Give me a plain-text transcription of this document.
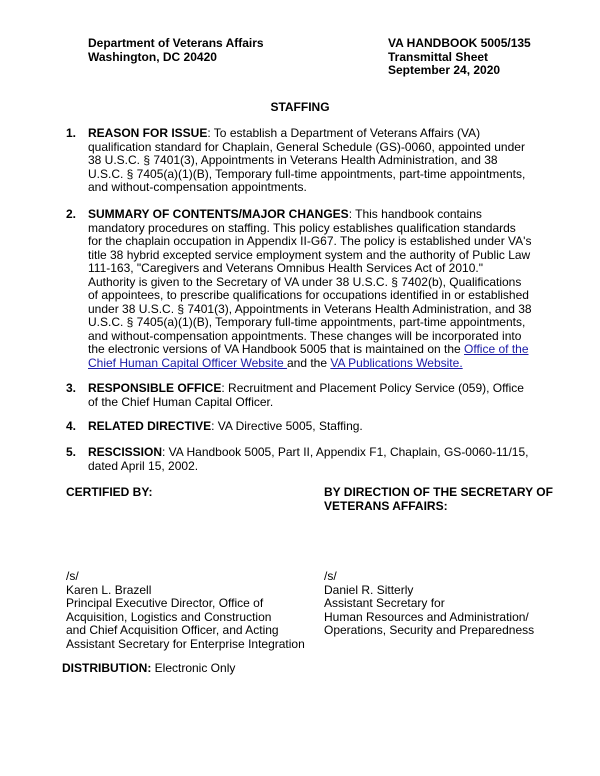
Department of Veterans Affairs
Washington, DC 20420
VA HANDBOOK 5005/135
Transmittal Sheet
September 24, 2020
STAFFING
1. REASON FOR ISSUE: To establish a Department of Veterans Affairs (VA) qualification standard for Chaplain, General Schedule (GS)-0060, appointed under 38 U.S.C. § 7401(3), Appointments in Veterans Health Administration, and 38 U.S.C. § 7405(a)(1)(B), Temporary full-time appointments, part-time appointments, and without-compensation appointments.
2. SUMMARY OF CONTENTS/MAJOR CHANGES: This handbook contains mandatory procedures on staffing. This policy establishes qualification standards for the chaplain occupation in Appendix II-G67. The policy is established under VA's title 38 hybrid excepted service employment system and the authority of Public Law 111-163, "Caregivers and Veterans Omnibus Health Services Act of 2010." Authority is given to the Secretary of VA under 38 U.S.C. § 7402(b), Qualifications of appointees, to prescribe qualifications for occupations identified in or established under 38 U.S.C. § 7401(3), Appointments in Veterans Health Administration, and 38 U.S.C. § 7405(a)(1)(B), Temporary full-time appointments, part-time appointments, and without-compensation appointments. These changes will be incorporated into the electronic versions of VA Handbook 5005 that is maintained on the Office of the Chief Human Capital Officer Website and the VA Publications Website.
3. RESPONSIBLE OFFICE: Recruitment and Placement Policy Service (059), Office of the Chief Human Capital Officer.
4. RELATED DIRECTIVE: VA Directive 5005, Staffing.
5. RESCISSION: VA Handbook 5005, Part II, Appendix F1, Chaplain, GS-0060-11/15, dated April 15, 2002.
CERTIFIED BY:	BY DIRECTION OF THE SECRETARY OF
VETERANS AFFAIRS:
/s/
Karen L. Brazell
Principal Executive Director, Office of
Acquisition, Logistics and Construction
and Chief Acquisition Officer, and Acting
Assistant Secretary for Enterprise Integration
/s/
Daniel R. Sitterly
Assistant Secretary for
Human Resources and Administration/
Operations, Security and Preparedness
DISTRIBUTION: Electronic Only
